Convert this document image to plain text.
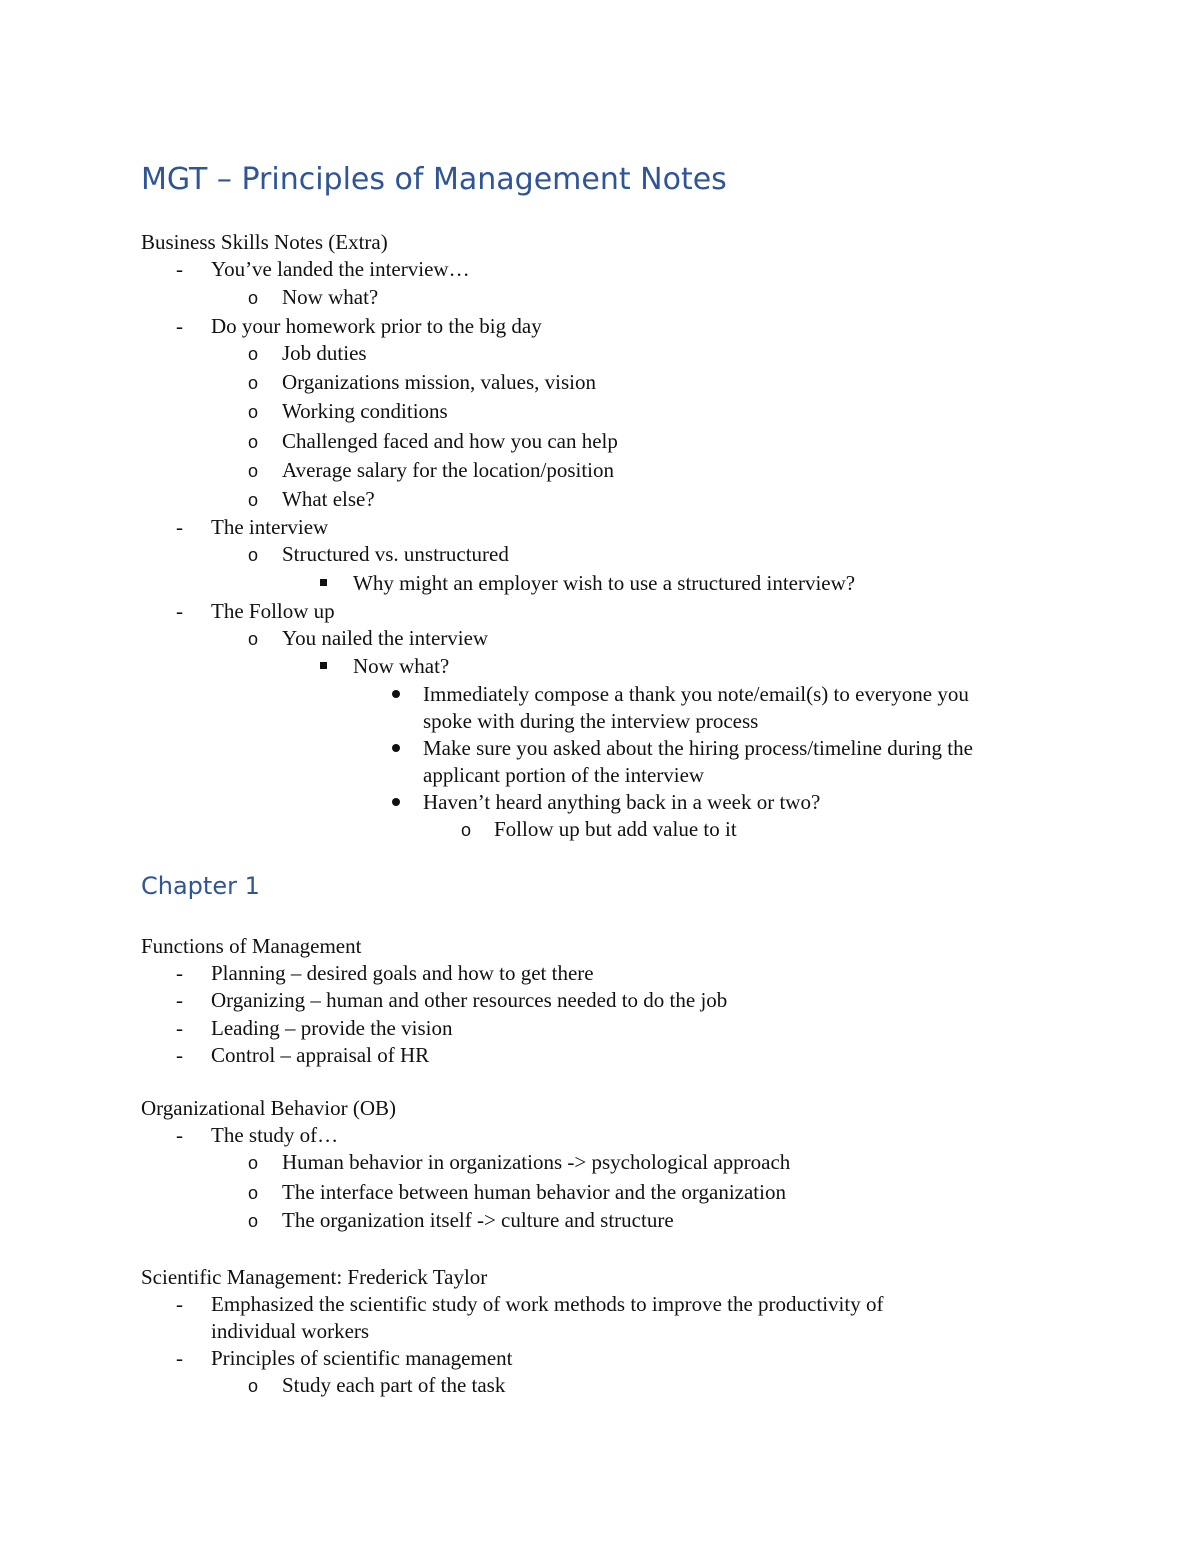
MGT – Principles of Management Notes

Business Skills Notes (Extra)

- You’ve landed the interview…

o Now what?

- Do your homework prior to the big day

o Job duties

o Organizations mission, values, vision

o Working conditions

o Challenged faced and how you can help

o Average salary for the location/position

o What else?

- The interview

o Structured vs. unstructured

Why might an employer wish to use a structured interview?

- The Follow up

o You nailed the interview

Now what?

Immediately compose a thank you note/email(s) to everyone you

spoke with during the interview process

Make sure you asked about the hiring process/timeline during the

applicant portion of the interview

Haven’t heard anything back in a week or two?

o Follow up but add value to it

Chapter 1

Functions of Management

- Planning – desired goals and how to get there

- Organizing – human and other resources needed to do the job

- Leading – provide the vision

- Control – appraisal of HR

Organizational Behavior (OB)

- The study of…

o Human behavior in organizations -> psychological approach

o The interface between human behavior and the organization

o The organization itself -> culture and structure

Scientific Management: Frederick Taylor

- Emphasized the scientific study of work methods to improve the productivity of

individual workers

- Principles of scientific management

o Study each part of the task
